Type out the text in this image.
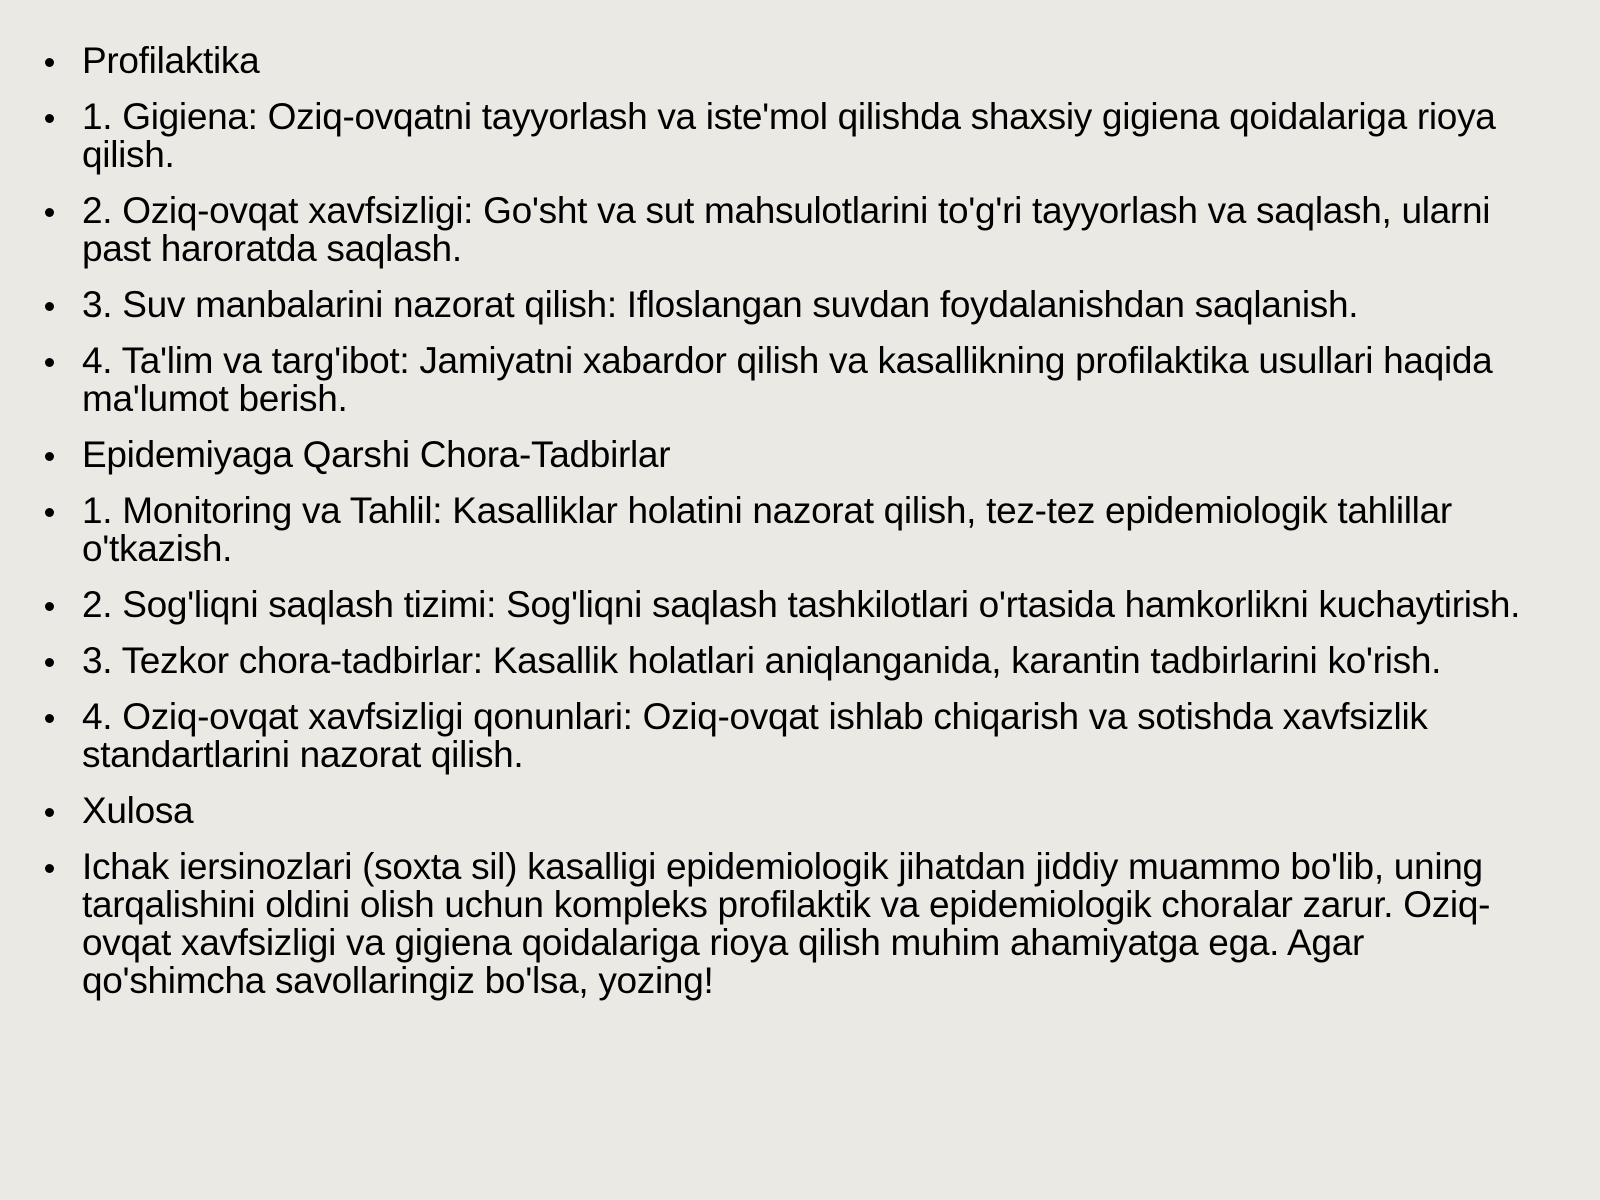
Profilaktika
1. Gigiena: Oziq-ovqatni tayyorlash va iste'mol qilishda shaxsiy gigiena qoidalariga rioya qilish.
2. Oziq-ovqat xavfsizligi: Go'sht va sut mahsulotlarini to'g'ri tayyorlash va saqlash, ularni past haroratda saqlash.
3. Suv manbalarini nazorat qilish: Ifloslangan suvdan foydalanishdan saqlanish.
4. Ta'lim va targ'ibot: Jamiyatni xabardor qilish va kasallikning profilaktika usullari haqida ma'lumot berish.
Epidemiyaga Qarshi Chora-Tadbirlar
1. Monitoring va Tahlil: Kasalliklar holatini nazorat qilish, tez-tez epidemiologik tahlillar o'tkazish.
2. Sog'liqni saqlash tizimi: Sog'liqni saqlash tashkilotlari o'rtasida hamkorlikni kuchaytirish.
3. Tezkor chora-tadbirlar: Kasallik holatlari aniqlanganida, karantin tadbirlarini ko'rish.
4. Oziq-ovqat xavfsizligi qonunlari: Oziq-ovqat ishlab chiqarish va sotishda xavfsizlik standartlarini nazorat qilish.
Xulosa
Ichak iersinozlari (soxta sil) kasalligi epidemiologik jihatdan jiddiy muammo bo'lib, uning tarqalishini oldini olish uchun kompleks profilaktik va epidemiologik choralar zarur. Oziq-ovqat xavfsizligi va gigiena qoidalariga rioya qilish muhim ahamiyatga ega. Agar qo'shimcha savollaringiz bo'lsa, yozing!
